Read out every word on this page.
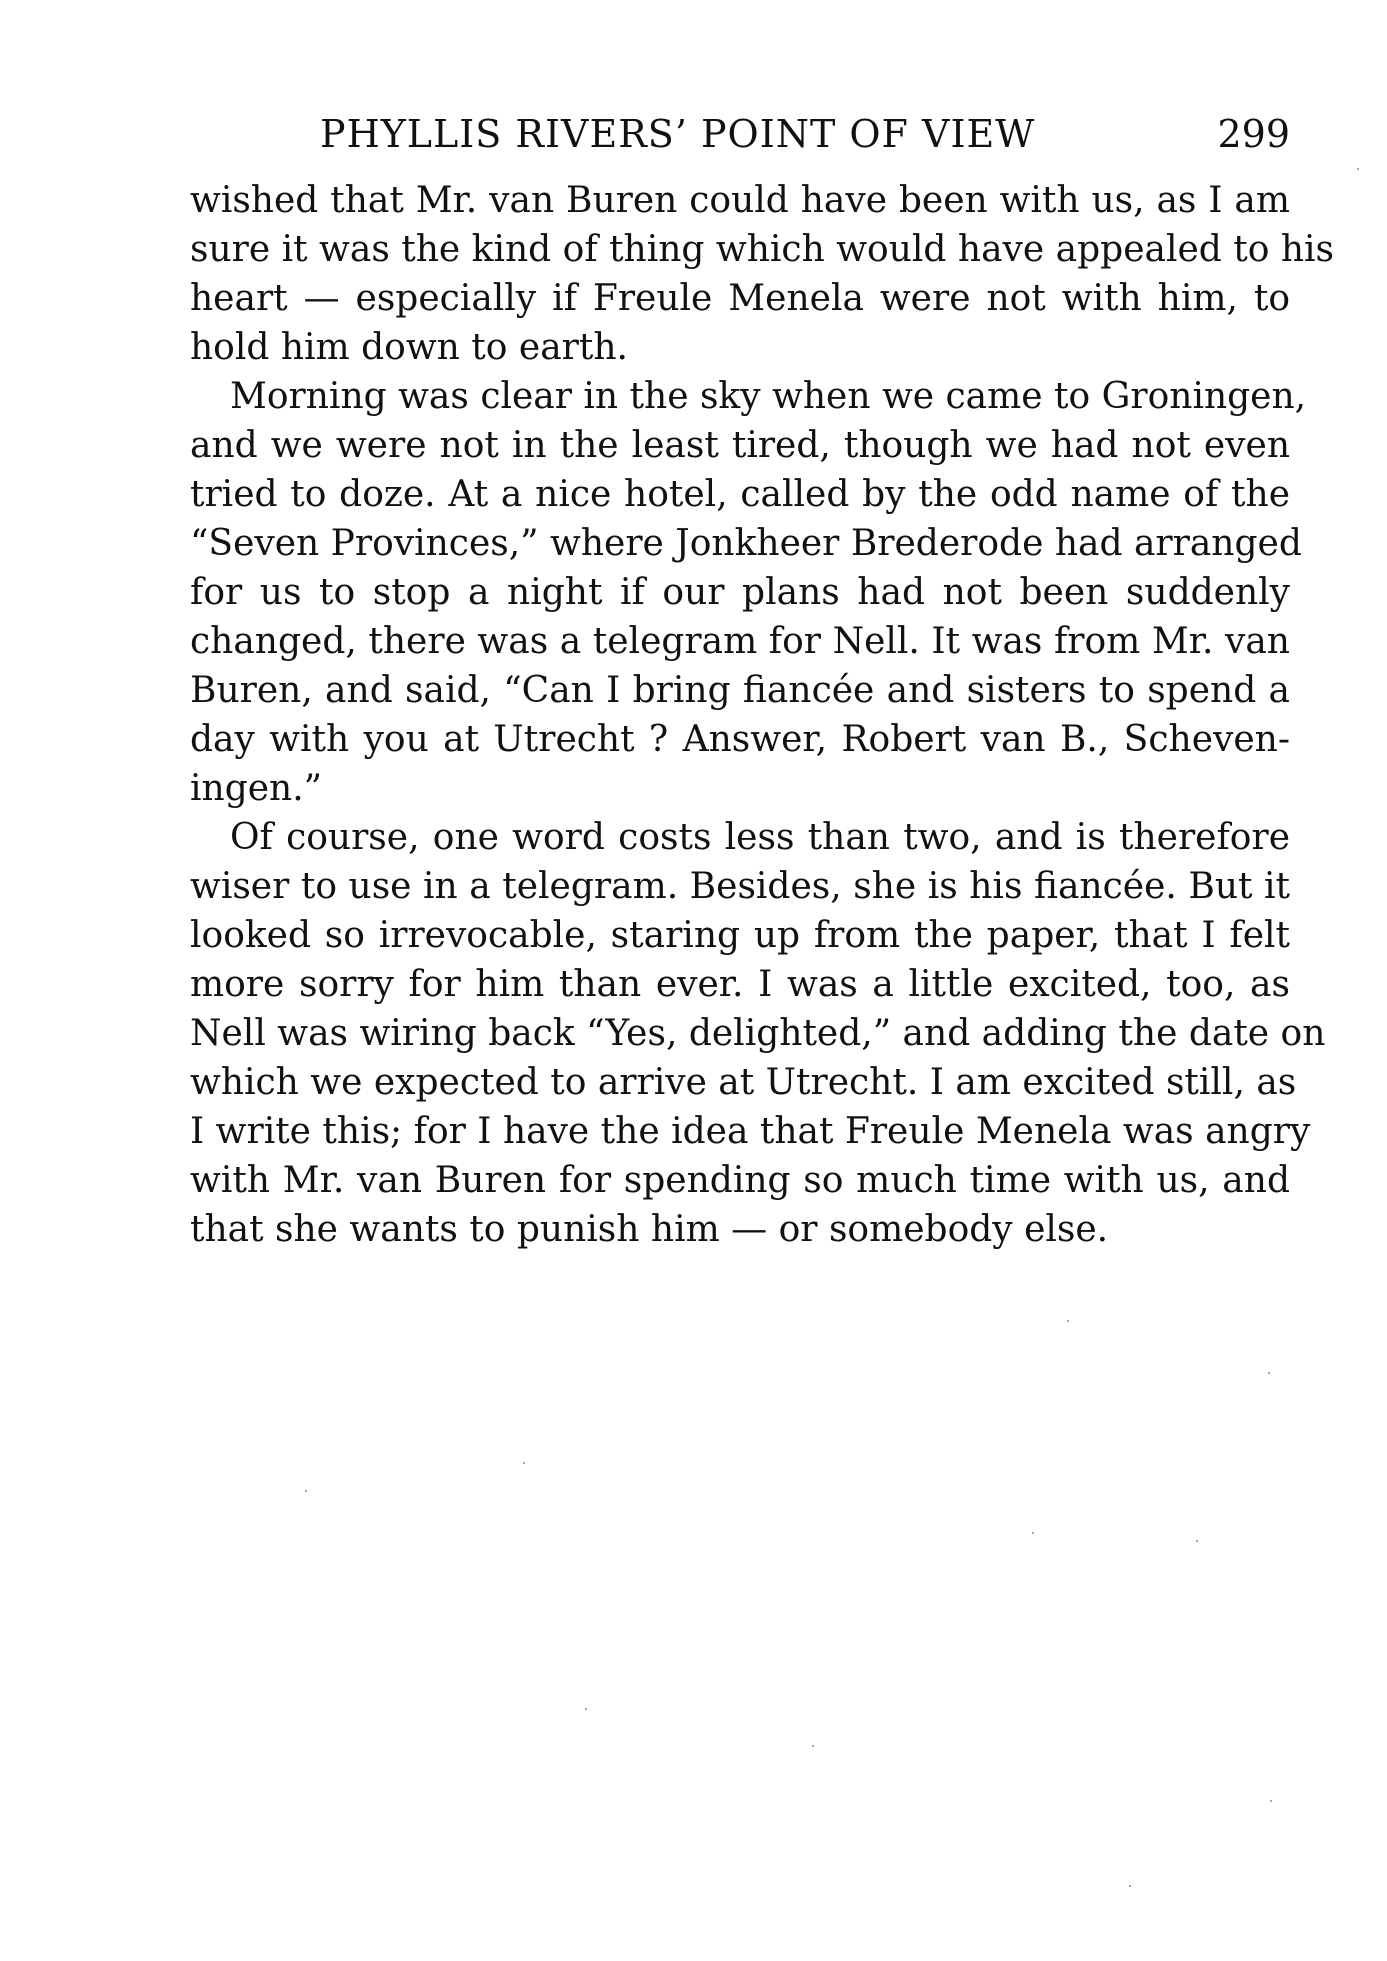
PHYLLIS RIVERS’ POINT OF VIEW	299
wished that Mr. van Buren could have been with us, as I am
sure it was the kind of thing which would have appealed to his
heart — especially if Freule Menela were not with him, to
hold him down to earth.
Morning was clear in the sky when we came to Groningen,
and we were not in the least tired, though we had not even
tried to doze. At a nice hotel, called by the odd name of the
“Seven Provinces,” where Jonkheer Brederode had arranged
for us to stop a night if our plans had not been suddenly
changed, there was a telegram for Nell. It was from Mr. van
Buren, and said, “Can I bring fiancée and sisters to spend a
day with you at Utrecht ? Answer, Robert van B., Scheven-
ingen.”
Of course, one word costs less than two, and is therefore
wiser to use in a telegram. Besides, she is his fiancée. But it
looked so irrevocable, staring up from the paper, that I felt
more sorry for him than ever. I was a little excited, too, as
Nell was wiring back “Yes, delighted,” and adding the date on
which we expected to arrive at Utrecht. I am excited still, as
I write this; for I have the idea that Freule Menela was angry
with Mr. van Buren for spending so much time with us, and
that she wants to punish him — or somebody else.
